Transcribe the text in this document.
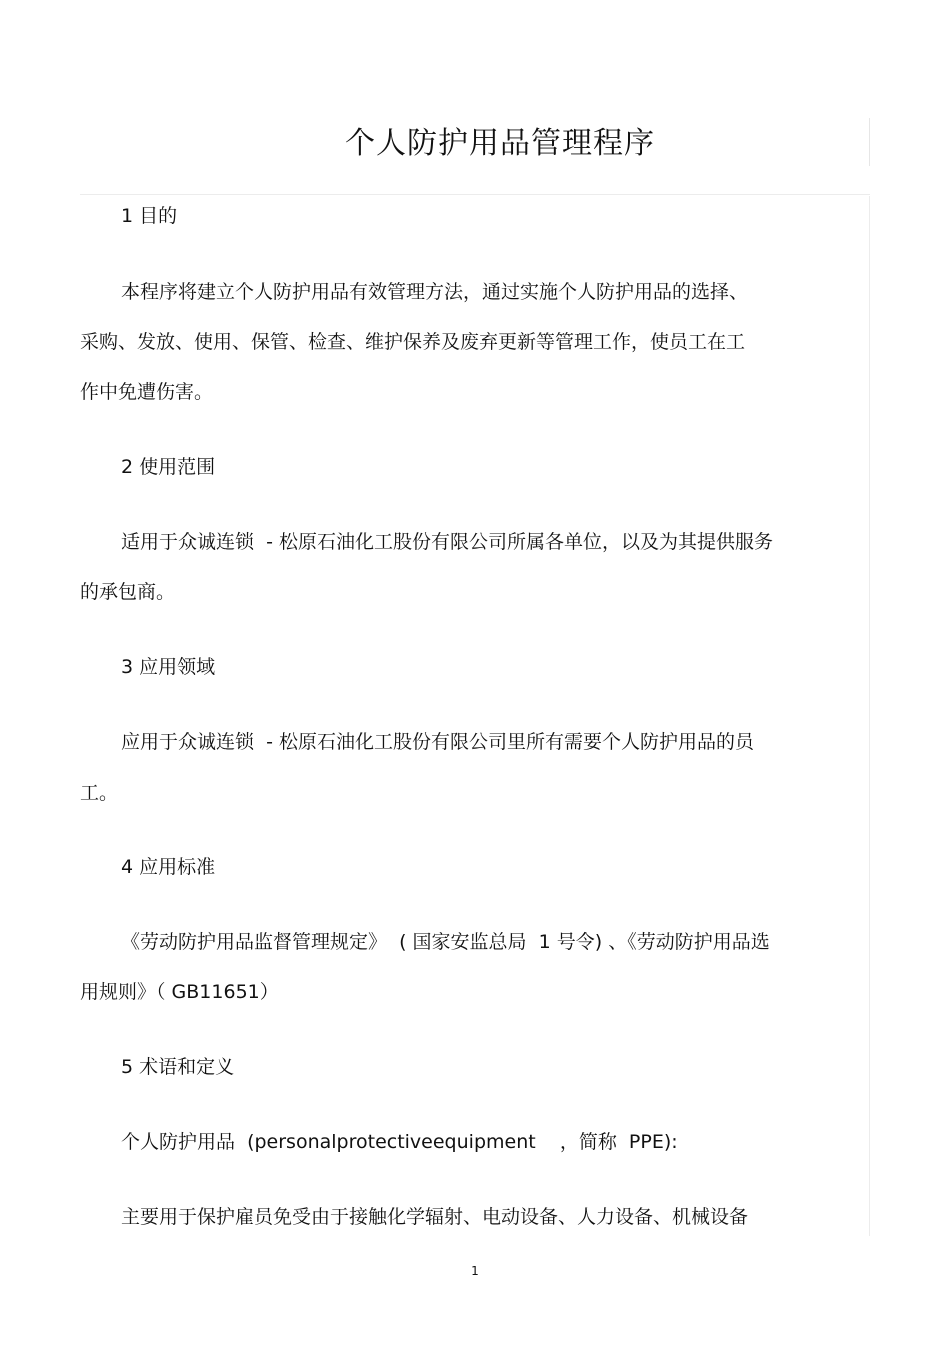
个人防护用品管理程序
1 目的
本程序将建立个人防护用品有效管理方法，通过实施个人防护用品的选择、
采购、发放、使用、保管、检查、维护保养及废弃更新等管理工作，使员工在工
作中免遭伤害。
2 使用范围
适用于众诚连锁  - 松原石油化工股份有限公司所属各单位，以及为其提供服务
的承包商。
3 应用领域
应用于众诚连锁  - 松原石油化工股份有限公司里所有需要个人防护用品的员
工。
4 应用标准
《劳动防护用品监督管理规定》  ( 国家安监总局  1 号令) 、《劳动防护用品选
用规则》（ GB11651）
5 术语和定义
个人防护用品  (personalprotectiveequipment    ，简称  PPE):
主要用于保护雇员免受由于接触化学辐射、电动设备、人力设备、机械设备
1
